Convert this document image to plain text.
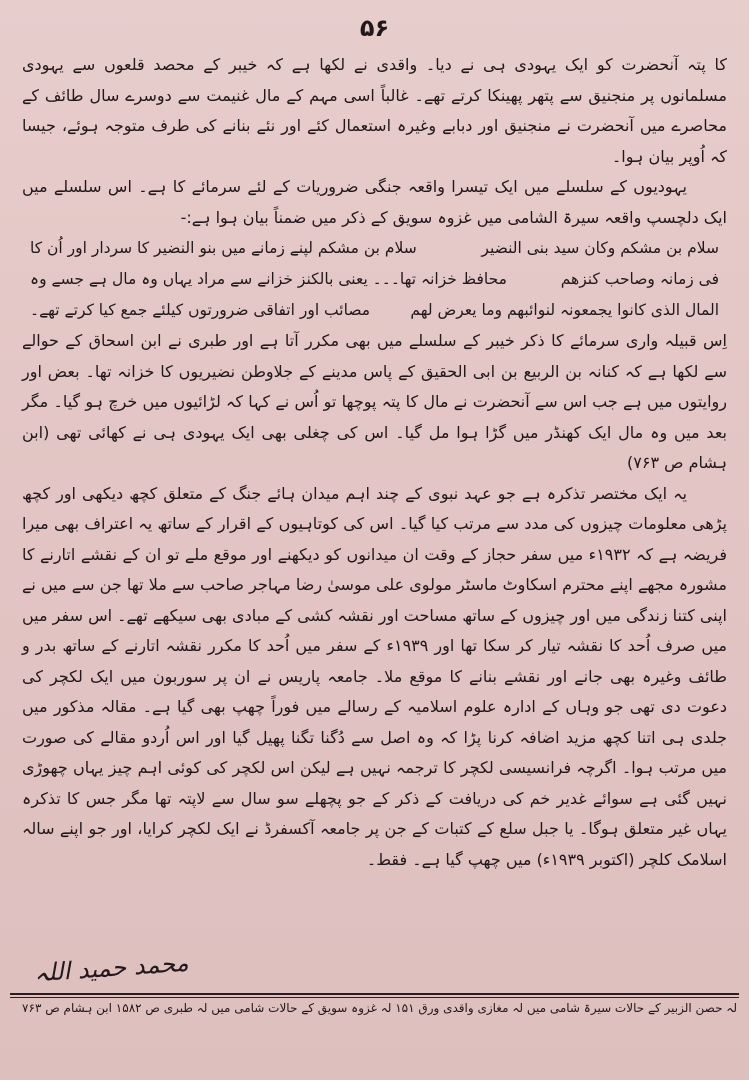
۵۶

کا پتہ آنحضرت کو ایک یہودی ہی نے دیا۔ واقدی نے لکھا ہے کہ خیبر کے محصد قلعوں سے یہودی مسلمانوں پر منجنیق سے پتھر پھینکا کرتے تھے۔ غالباً اسی مہم کے مال غنیمت سے دوسرے سال طائف کے محاصرے میں آنحضرت نے منجنیق اور دبابے وغیرہ استعمال کئے اور نئے بنانے کی طرف متوجہ ہوئے، جیسا کہ اُوپر بیان ہوا۔

یہودیوں کے سلسلے میں ایک تیسرا واقعہ جنگی ضروریات کے لئے سرمائے کا ہے۔ اس سلسلے میں ایک دلچسپ واقعہ سیرۃ الشامی میں غزوہ سویق کے ذکر میں ضمناً بیان ہوا ہے:-

سلام بن مشکم وکان سید بنی النضیر
سلام بن مشکم لپنے زمانے میں بنو النضیر کا سردار اور اُن کا
فی زمانہ وصاحب کنزھم
محافظ خزانہ تھا۔۔۔ یعنی بالکنز خزانے سے مراد یہاں وہ مال ہے جسے وہ
المال الذی کانوا یجمعونہ لنوائبھم وما یعرض لھم
مصائب اور اتفاقی ضرورتوں کیلئے جمع کیا کرتے تھے۔

اِس قبیلہ واری سرمائے کا ذکر خیبر کے سلسلے میں بھی مکرر آتا ہے اور طبری نے ابن اسحاق کے حوالے سے لکھا ہے کہ کنانہ بن الربیع بن ابی الحقیق کے پاس مدینے کے جلاوطن نضیریوں کا خزانہ تھا۔ بعض اور روایتوں میں ہے جب اس سے آنحضرت نے مال کا پتہ پوچھا تو اُس نے کہا کہ لڑائیوں میں خرچ ہو گیا۔ مگر بعد میں وہ مال ایک کھنڈر میں گڑا ہوا مل گیا۔ اس کی چغلی بھی ایک یہودی ہی نے کھائی تھی (ابن ہشام ص ۷۶۳)

یہ ایک مختصر تذکرہ ہے جو عہد نبوی کے چند اہم میدان ہائے جنگ کے متعلق کچھ دیکھی اور کچھ پڑھی معلومات چیزوں کی مدد سے مرتب کیا گیا۔ اس کی کوتاہیوں کے اقرار کے ساتھ یہ اعتراف بھی میرا فریضہ ہے کہ ۱۹۳۲ء میں سفر حجاز کے وقت ان میدانوں کو دیکھنے اور موقع ملے تو ان کے نقشے اتارنے کا مشورہ مجھے اپنے محترم اسکاوٹ ماسٹر مولوی علی موسیٰ رضا مہاجر صاحب سے ملا تھا جن سے میں نے اپنی کتنا زندگی میں اور چیزوں کے ساتھ مساحت اور نقشہ کشی کے مبادی بھی سیکھے تھے۔ اس سفر میں میں صرف اُحد کا نقشہ تیار کر سکا تھا اور ۱۹۳۹ء کے سفر میں اُحد کا مکرر نقشہ اتارنے کے ساتھ بدر و طائف وغیرہ بھی جانے اور نقشے بنانے کا موقع ملا۔ جامعہ پاریس نے ان پر سوربون میں ایک لکچر کی دعوت دی تھی جو وہاں کے ادارہ علوم اسلامیہ کے رسالے میں فوراً چھپ بھی گیا ہے۔ مقالہ مذکور میں جلدی ہی اتنا کچھ مزید اضافہ کرنا پڑا کہ وہ اصل سے دُگنا تگنا پھیل گیا اور اس اُردو مقالے کی صورت میں مرتب ہوا۔ اگرچہ فرانسیسی لکچر کا ترجمہ نہیں ہے لیکن اس لکچر کی کوئی اہم چیز یہاں چھوڑی نہیں گئی ہے سوائے غدیر خم کی دریافت کے ذکر کے جو پچھلے سو سال سے لاپتہ تھا مگر جس کا تذکرہ یہاں غیر متعلق ہوگا۔ یا جبل سلع کے کتبات کے جن پر جامعہ آکسفرڈ نے ایک لکچر کرایا، اور جو اپنے سالہ اسلامک کلچر (اکتوبر ۱۹۳۹ء) میں چھپ گیا ہے۔ فقط۔

محمد حمید اللہ
لہ حصن الزبیر کے حالات سیرۃ شامی میں لہ مغازی واقدی ورق ۱۵۱ لہ غزوہ سویق کے حالات شامی میں لہ طبری ص ۱۵۸۲ ابن ہشام ص ۷۶۳
